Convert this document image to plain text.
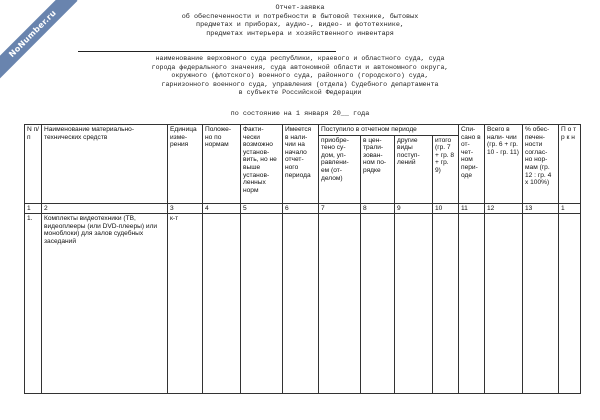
Отчет-заявка
об обеспеченности и потребности в бытовой технике, бытовых
предметах и приборах, аудио-, видео- и фототехнике,
предметах интерьера и хозяйственного инвентаря
наименование верховного суда республики, краевого и областного суда, суда
города федерального значения, суда автономной области и автономного округа,
окружного (флотского) военного суда, районного (городского) суда,
гарнизонного военного суда, управления (отдела) Судебного департамента
в субъекте Российской Федерации
по состоянию на 1 января 20__ года
N п/п	Наименование материально-технических средств	Единица изме- рения	Положе- но по нормам	Факти- чески возможно установ- вить, но не выше установ- ленных норм	Имеется в нали- чии на начало отчет- ного периода	Поступило в отчетном периоде				Спи- сано в от- чет- ном пери- оде	Всего в нали- чии (гр. 6 + гр. 10 - гр. 11)	% обес- печен- ности соглас- но нор- мам (гр. 12 : гр. 4 x 100%)	П о т р к н
						приобре- тено су- дом, уп- равлени- ем (от- делом)	в цен- трали- зован- ном по- рядке	другие виды поступ- лений	итого (гр. 7 + гр. 8 + гр. 9)				
1	2	3	4	5	6	7	8	9	10	11	12	13	1
1.	Комплекты видеотехники (ТВ, видеоплееры (или DVD-плееры) или моноблоки) для залов судебных заседаний	к-т											
NoNumber.ru
